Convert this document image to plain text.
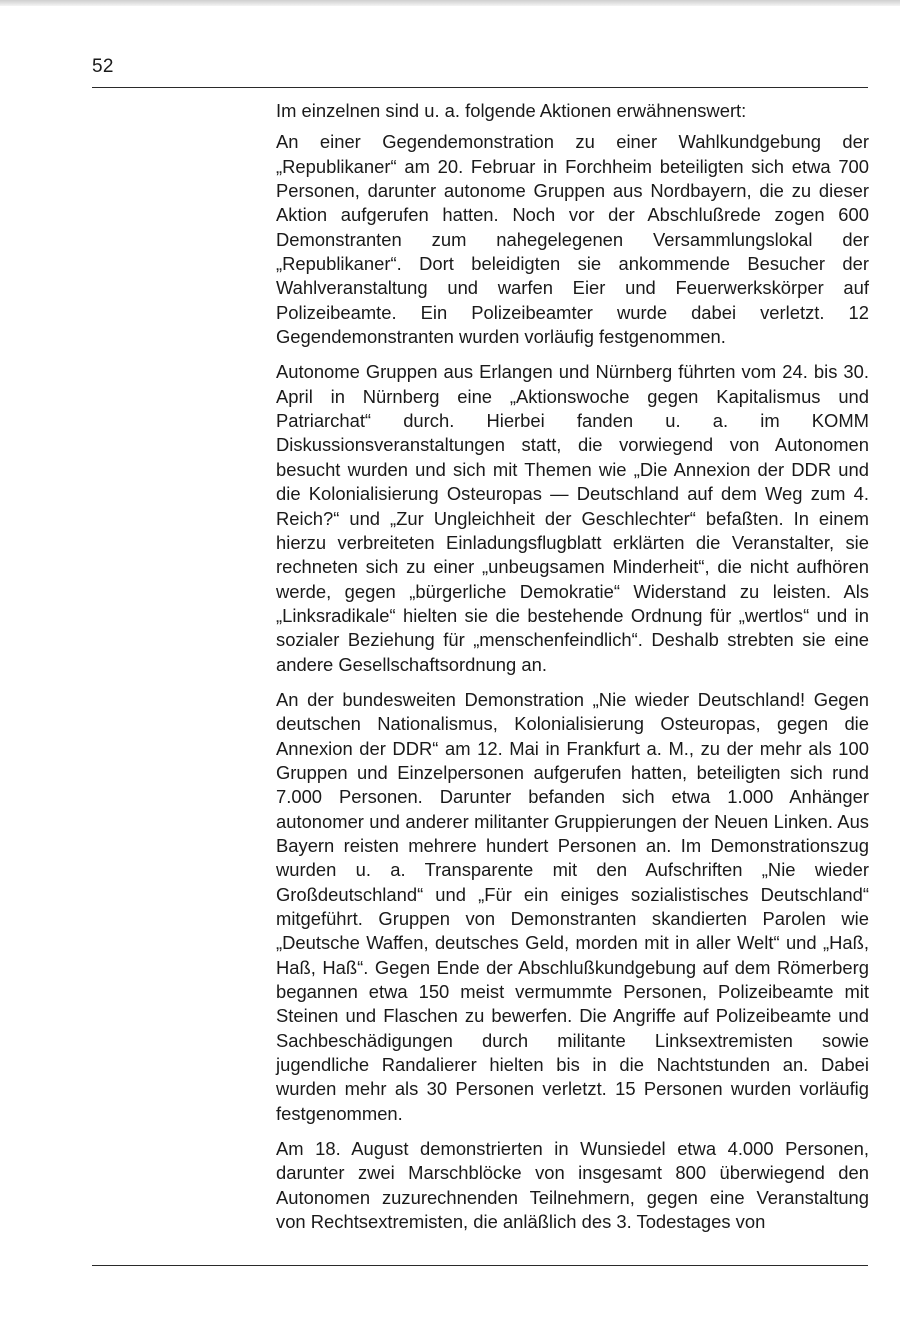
52

Im einzelnen sind u. a. folgende Aktionen erwähnenswert:

An einer Gegendemonstration zu einer Wahlkundgebung der „Republikaner“ am 20. Februar in Forchheim beteiligten sich etwa 700 Personen, darunter autonome Gruppen aus Nordbayern, die zu dieser Aktion aufgerufen hatten. Noch vor der Abschlußrede zogen 600 Demonstranten zum nahegelegenen Versammlungslokal der „Republikaner“. Dort beleidigten sie ankommende Besucher der Wahlveranstaltung und warfen Eier und Feuerwerkskörper auf Polizeibeamte. Ein Polizeibeamter wurde dabei verletzt. 12 Gegendemonstranten wurden vorläufig festgenommen.

Autonome Gruppen aus Erlangen und Nürnberg führten vom 24. bis 30. April in Nürnberg eine „Aktionswoche gegen Kapitalismus und Patriarchat“ durch. Hierbei fanden u. a. im KOMM Diskussionsveranstaltungen statt, die vorwiegend von Autonomen besucht wurden und sich mit Themen wie „Die Annexion der DDR und die Kolonialisierung Osteuropas — Deutschland auf dem Weg zum 4. Reich?“ und „Zur Ungleichheit der Geschlechter“ befaßten. In einem hierzu verbreiteten Einladungsflugblatt erklärten die Veranstalter, sie rechneten sich zu einer „unbeugsamen Minderheit“, die nicht aufhören werde, gegen „bürgerliche Demokratie“ Widerstand zu leisten. Als „Linksradikale“ hielten sie die bestehende Ordnung für „wertlos“ und in sozialer Beziehung für „menschenfeindlich“. Deshalb strebten sie eine andere Gesellschaftsordnung an.

An der bundesweiten Demonstration „Nie wieder Deutschland! Gegen deutschen Nationalismus, Kolonialisierung Osteuropas, gegen die Annexion der DDR“ am 12. Mai in Frankfurt a. M., zu der mehr als 100 Gruppen und Einzelpersonen aufgerufen hatten, beteiligten sich rund 7.000 Personen. Darunter befanden sich etwa 1.000 Anhänger autonomer und anderer militanter Gruppierungen der Neuen Linken. Aus Bayern reisten mehrere hundert Personen an. Im Demonstrationszug wurden u. a. Transparente mit den Aufschriften „Nie wieder Großdeutschland“ und „Für ein einiges sozialistisches Deutschland“ mitgeführt. Gruppen von Demonstranten skandierten Parolen wie „Deutsche Waffen, deutsches Geld, morden mit in aller Welt“ und „Haß, Haß, Haß“. Gegen Ende der Abschlußkundgebung auf dem Römerberg begannen etwa 150 meist vermummte Personen, Polizeibeamte mit Steinen und Flaschen zu bewerfen. Die Angriffe auf Polizeibeamte und Sachbeschädigungen durch militante Linksextremisten sowie jugendliche Randalierer hielten bis in die Nachtstunden an. Dabei wurden mehr als 30 Personen verletzt. 15 Personen wurden vorläufig festgenommen.

Am 18. August demonstrierten in Wunsiedel etwa 4.000 Personen, darunter zwei Marschblöcke von insgesamt 800 überwiegend den Autonomen zuzurechnenden Teilnehmern, gegen eine Veranstaltung von Rechtsextremisten, die anläßlich des 3. Todestages von
